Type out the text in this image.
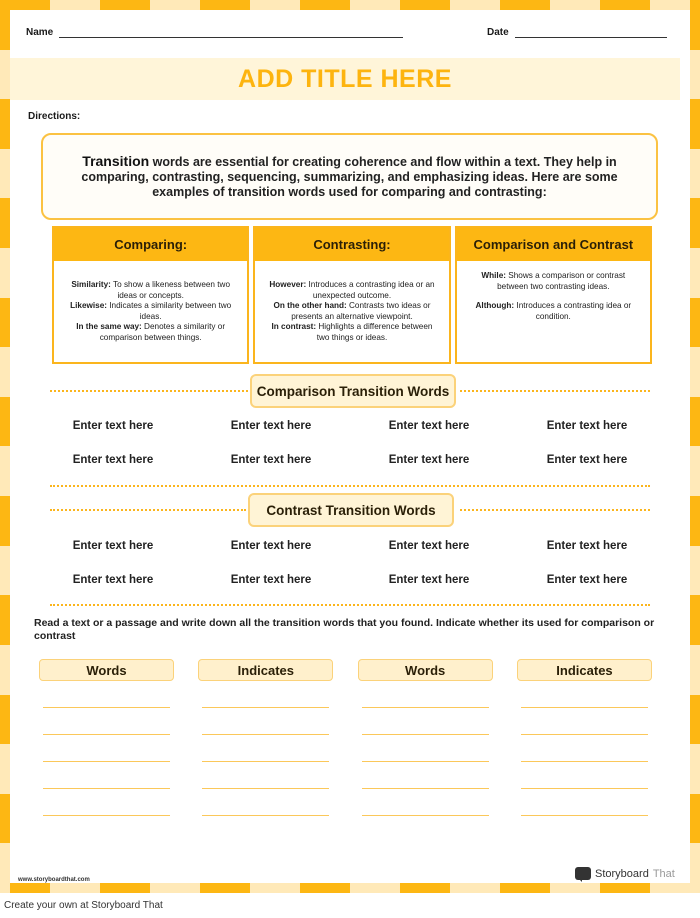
Name	Date
ADD TITLE HERE
Directions:
Transition words are essential for creating coherence and flow within a text. They help in comparing, contrasting, sequencing, summarizing, and emphasizing ideas. Here are some examples of transition words used for comparing and contrasting:
Comparing:

Similarity: To show a likeness between two ideas or concepts.

Likewise: Indicates a similarity between two ideas.

In the same way: Denotes a similarity or comparison between things.

Contrasting:

However: Introduces a contrasting idea or an unexpected outcome.

On the other hand: Contrasts two ideas or presents an alternative viewpoint.

In contrast: Highlights a difference between two things or ideas.

Comparison and Contrast

While: Shows a comparison or contrast between two contrasting ideas.

Although: Introduces a contrasting idea or condition.

Comparison Transition Words
Enter text here	Enter text here	Enter text here	Enter text here
Enter text here	Enter text here	Enter text here	Enter text here
Contrast Transition Words
Enter text here	Enter text here	Enter text here	Enter text here
Enter text here	Enter text here	Enter text here	Enter text here
Read a text or a passage and write down all the transition words that you found. Indicate whether its used for comparison or contrast
Words	Indicates	Words	Indicates
www.storyboardthat.com
Storyboard That
Create your own at Storyboard That
